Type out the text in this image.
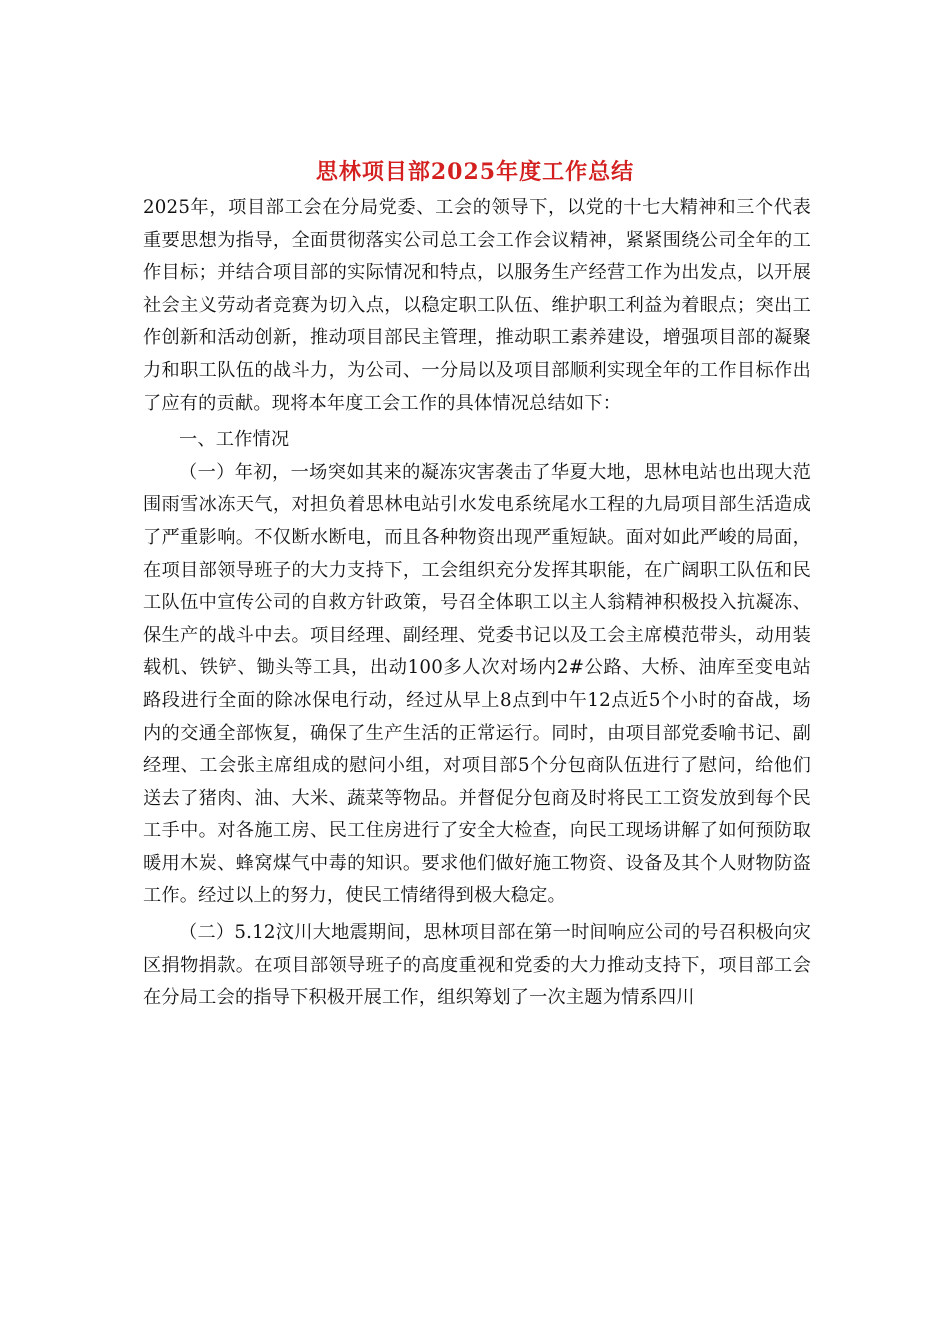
思林项目部2025年度工作总结

2025年，项目部工会在分局党委、工会的领导下，以党的十七大精神和三个代表重要思想为指导，全面贯彻落实公司总工会工作会议精神，紧紧围绕公司全年的工作目标；并结合项目部的实际情况和特点，以服务生产经营工作为出发点，以开展社会主义劳动者竞赛为切入点，以稳定职工队伍、维护职工利益为着眼点；突出工作创新和活动创新，推动项目部民主管理，推动职工素养建设，增强项目部的凝聚力和职工队伍的战斗力，为公司、一分局以及项目部顺利实现全年的工作目标作出了应有的贡献。现将本年度工会工作的具体情况总结如下：

一、工作情况

（一）年初，一场突如其来的凝冻灾害袭击了华夏大地，思林电站也出现大范围雨雪冰冻天气，对担负着思林电站引水发电系统尾水工程的九局项目部生活造成了严重影响。不仅断水断电，而且各种物资出现严重短缺。面对如此严峻的局面，在项目部领导班子的大力支持下，工会组织充分发挥其职能，在广阔职工队伍和民工队伍中宣传公司的自救方针政策，号召全体职工以主人翁精神积极投入抗凝冻、保生产的战斗中去。项目经理、副经理、党委书记以及工会主席模范带头，动用装载机、铁铲、锄头等工具，出动100多人次对场内2#公路、大桥、油库至变电站路段进行全面的除冰保电行动，经过从早上8点到中午12点近5个小时的奋战，场内的交通全部恢复，确保了生产生活的正常运行。同时，由项目部党委喻书记、副经理、工会张主席组成的慰问小组，对项目部5个分包商队伍进行了慰问，给他们送去了猪肉、油、大米、蔬菜等物品。并督促分包商及时将民工工资发放到每个民工手中。对各施工房、民工住房进行了安全大检查，向民工现场讲解了如何预防取暖用木炭、蜂窝煤气中毒的知识。要求他们做好施工物资、设备及其个人财物防盗工作。经过以上的努力，使民工情绪得到极大稳定。

（二）5.12汶川大地震期间，思林项目部在第一时间响应公司的号召积极向灾区捐物捐款。在项目部领导班子的高度重视和党委的大力推动支持下，项目部工会在分局工会的指导下积极开展工作，组织筹划了一次主题为情系四川
